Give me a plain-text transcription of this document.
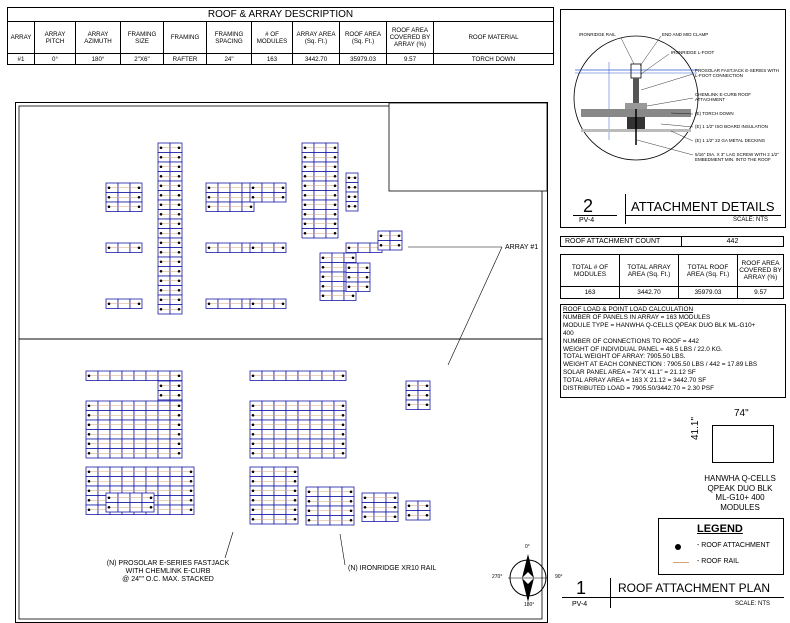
ROOF & ARRAY DESCRIPTION										
ARRAY	ARRAY PITCH	ARRAY AZIMUTH	FRAMING SIZE	FRAMING	FRAMING SPACING	# OF MODULES	ARRAY AREA (Sq. Ft.)	ROOF AREA (Sq. Ft.)	ROOF AREA COVERED BY ARRAY (%)	ROOF MATERIAL
#1	0°	180°	2"X6"	RAFTER	24"	163	3442.70	35979.03	9.57	TORCH DOWN
IRONRIDGE RAIL	END AND MID CLAMP
IRONRIDGE L-FOOT
PROSOLAR FASTJACK E-SERIES WITH L-FOOT CONNECTION
CHEMLINK E-CURB ROOF ATTACHMENT
(E) TORCH DOWN
(E) 1 1/2" ISO BOARD INSULATION
(E) 1 1/2" 22 GA METAL DECKING
5/16" DIA. X 3" LAG SCREW WITH 2 1/2" EMBEDMENT MIN. INTO THE ROOF
2
PV-4
ATTACHMENT DETAILS
SCALE: NTS
ROOF ATTACHMENT COUNT	442
TOTAL # OF MODULES	TOTAL ARRAY AREA (Sq. Ft.)	TOTAL ROOF AREA (Sq. Ft.)	ROOF AREA COVERED BY ARRAY (%)
163	3442.70	35979.03	9.57
ROOF LOAD & POINT LOAD CALCULATION
NUMBER OF PANELS IN ARRAY = 163 MODULES
MODULE TYPE = HANWHA Q-CELLS QPEAK DUO BLK ML-G10+
400
NUMBER OF CONNECTIONS TO ROOF = 442
WEIGHT OF INDIVIDUAL PANEL = 48.5 LBS / 22.0 KG.
TOTAL WEIGHT OF ARRAY: 7905.50 LBS.
WEIGHT AT EACH CONNECTION : 7905.50 LBS / 442 = 17.89 LBS
SOLAR PANEL AREA = 74"X 41.1" = 21.12 SF
TOTAL ARRAY AREA = 163 X 21.12 = 3442.70 SF
DISTRIBUTED LOAD = 7905.50/3442.70 = 2.30 PSF
74"
41.1"
HANWHA Q-CELLS
QPEAK DUO BLK
ML-G10+ 400
MODULES
LEGEND
- ROOF ATTACHMENT
- ROOF RAIL
ARRAY #1
(N) PROSOLAR E-SERIES FASTJACK
WITH CHEMLINK E-CURB
@ 24"" O.C. MAX. STACKED
(N) IRONRIDGE XR10 RAIL
0°
90°
180°
270°
1
PV-4
ROOF ATTACHMENT PLAN
SCALE: NTS
